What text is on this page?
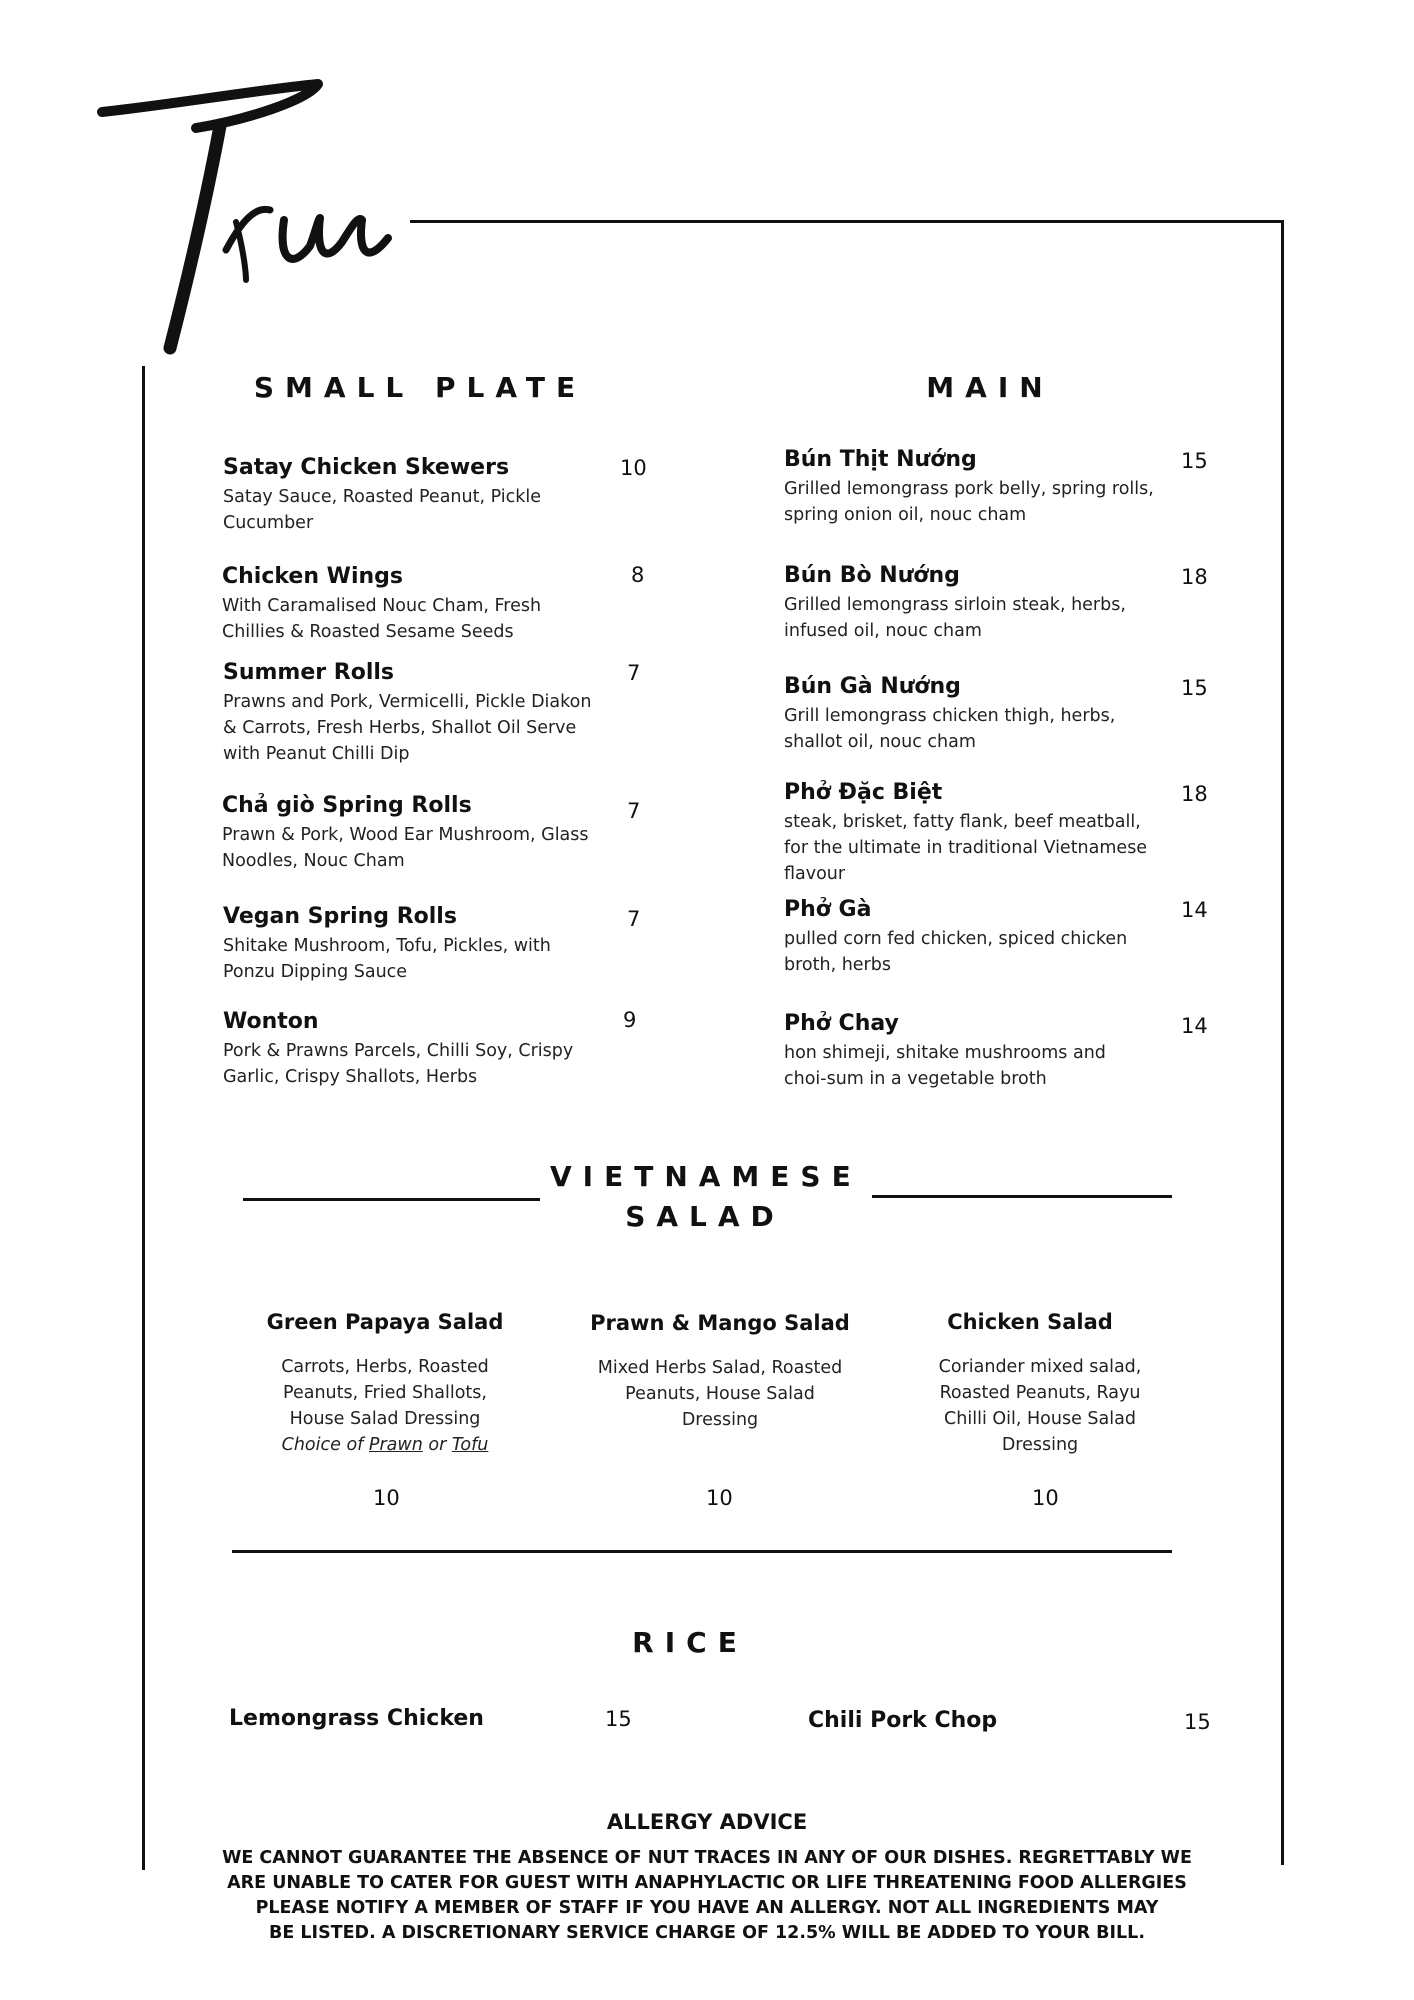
SMALL PLATE
Satay Chicken Skewers
Satay Sauce, Roasted Peanut, Pickle Cucumber
10
Chicken Wings
With Caramalised Nouc Cham, Fresh Chillies & Roasted Sesame Seeds
8
Summer Rolls
Prawns and Pork, Vermicelli, Pickle Diakon & Carrots, Fresh Herbs, Shallot Oil Serve with Peanut Chilli Dip
7
Chả giò Spring Rolls
Prawn & Pork, Wood Ear Mushroom, Glass Noodles, Nouc Cham
7
Vegan Spring Rolls
Shitake Mushroom, Tofu, Pickles, with Ponzu Dipping Sauce
7
Wonton
Pork & Prawns Parcels, Chilli Soy, Crispy Garlic, Crispy Shallots, Herbs
9
MAIN
Bún Thịt Nướng
Grilled lemongrass pork belly, spring rolls, spring onion oil, nouc cham
15
Bún Bò Nướng
Grilled lemongrass sirloin steak, herbs, infused oil, nouc cham
18
Bún Gà Nướng
Grill lemongrass chicken thigh, herbs, shallot oil, nouc cham
15
Phở Đặc Biệt
steak, brisket, fatty flank, beef meatball, for the ultimate in traditional Vietnamese flavour
18
Phở Gà
pulled corn fed chicken, spiced chicken broth, herbs
14
Phở Chay
hon shimeji, shitake mushrooms and choi-sum in a vegetable broth
14
VIETNAMESE
SALAD
Green Papaya Salad
Carrots, Herbs, Roasted Peanuts, Fried Shallots, House Salad Dressing
Choice of Prawn or Tofu
10
Prawn & Mango Salad
Mixed Herbs Salad, Roasted Peanuts, House Salad Dressing
10
Chicken Salad
Coriander mixed salad, Roasted Peanuts, Rayu Chilli Oil, House Salad Dressing
10
RICE
Lemongrass Chicken	15	Chili Pork Chop	15
ALLERGY ADVICE
WE CANNOT GUARANTEE THE ABSENCE OF NUT TRACES IN ANY OF OUR DISHES. REGRETTABLY WE
ARE UNABLE TO CATER FOR GUEST WITH ANAPHYLACTIC OR LIFE THREATENING FOOD ALLERGIES
PLEASE NOTIFY A MEMBER OF STAFF IF YOU HAVE AN ALLERGY. NOT ALL INGREDIENTS MAY
BE LISTED. A DISCRETIONARY SERVICE CHARGE OF 12.5% WILL BE ADDED TO YOUR BILL.
